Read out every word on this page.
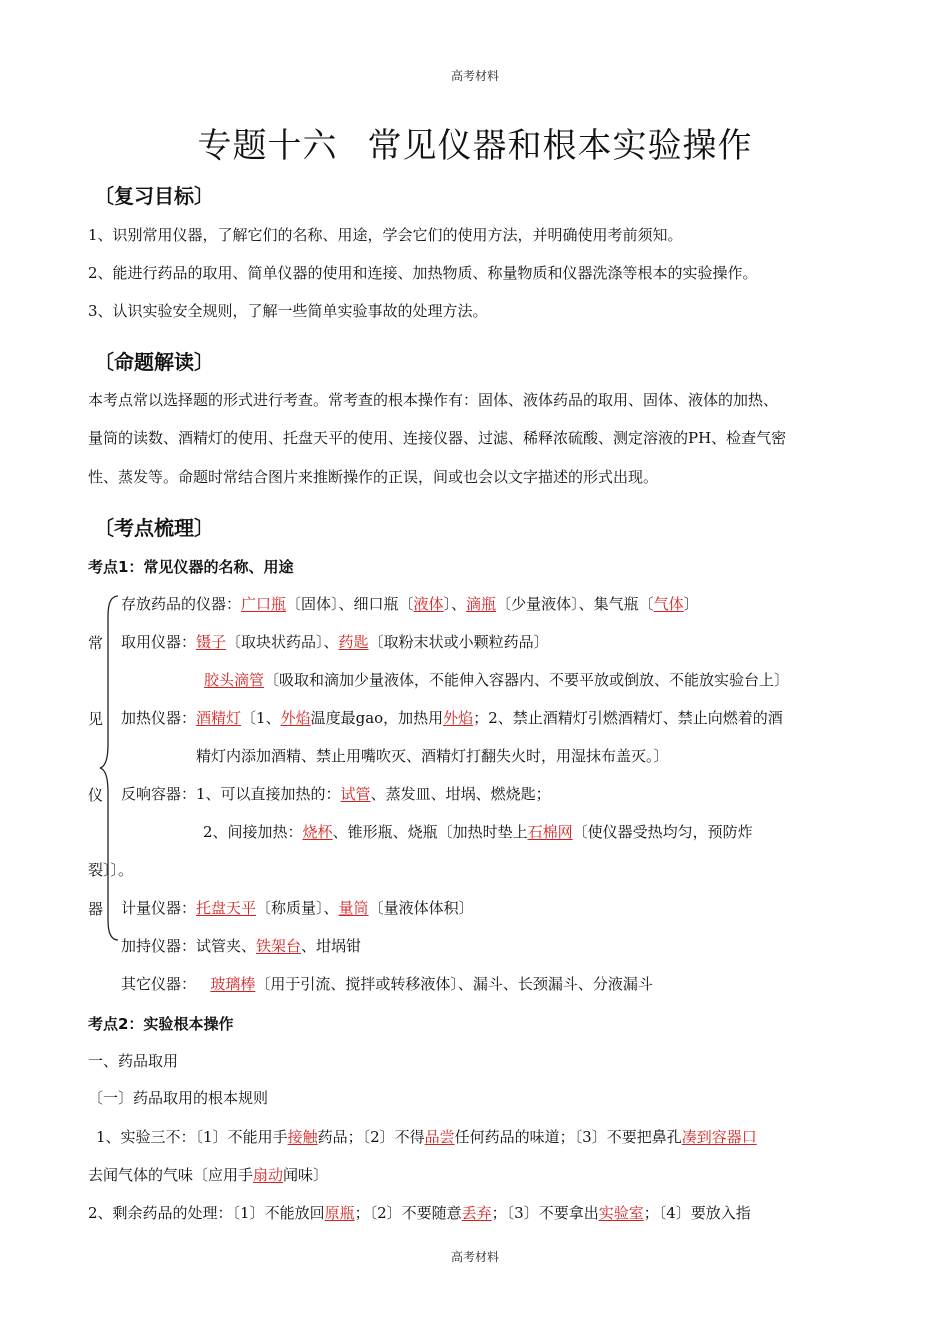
高考材料
专题十六 常见仪器和根本实验操作
〔复习目标〕
1、识别常用仪器，了解它们的名称、用途，学会它们的使用方法，并明确使用考前须知。
2、能进行药品的取用、简单仪器的使用和连接、加热物质、称量物质和仪器洗涤等根本的实验操作。
3、认识实验安全规则，了解一些简单实验事故的处理方法。
〔命题解读〕
本考点常以选择题的形式进行考查。常考查的根本操作有：固体、液体药品的取用、固体、液体的加热、
量筒的读数、酒精灯的使用、托盘天平的使用、连接仪器、过滤、稀释浓硫酸、测定溶液的PH、检查气密
性、蒸发等。命题时常结合图片来推断操作的正误，间或也会以文字描述的形式出现。
〔考点梳理〕
考点1：常见仪器的名称、用途
常
见
仪
器
存放药品的仪器：广口瓶〔固体〕、细口瓶〔液体〕、滴瓶〔少量液体〕、集气瓶〔气体〕
取用仪器：镊子〔取块状药品〕、药匙〔取粉末状或小颗粒药品〕
胶头滴管〔吸取和滴加少量液体，不能伸入容器内、不要平放或倒放、不能放实验台上〕
加热仪器：酒精灯〔1、外焰温度最gao，加热用外焰；2、禁止酒精灯引燃酒精灯、禁止向燃着的酒
精灯内添加酒精、禁止用嘴吹灭、酒精灯打翻失火时，用湿抹布盖灭。〕
反响容器：1、可以直接加热的：试管、蒸发皿、坩埚、燃烧匙；
2、间接加热：烧杯、锥形瓶、烧瓶〔加热时垫上石棉网〔使仪器受热均匀，预防炸
裂〕〕。
计量仪器：托盘天平〔称质量〕、量筒〔量液体体积〕
加持仪器：试管夹、铁架台、坩埚钳
其它仪器： 玻璃棒〔用于引流、搅拌或转移液体〕、漏斗、长颈漏斗、分液漏斗
考点2：实验根本操作
一、药品取用
〔一〕药品取用的根本规则
1、实验三不：〔1〕不能用手接触药品；〔2〕不得品尝任何药品的味道；〔3〕不要把鼻孔凑到容器口
去闻气体的气味〔应用手扇动闻味〕
2、剩余药品的处理：〔1〕不能放回原瓶；〔2〕不要随意丢弃；〔3〕不要拿出实验室；〔4〕要放入指
高考材料
